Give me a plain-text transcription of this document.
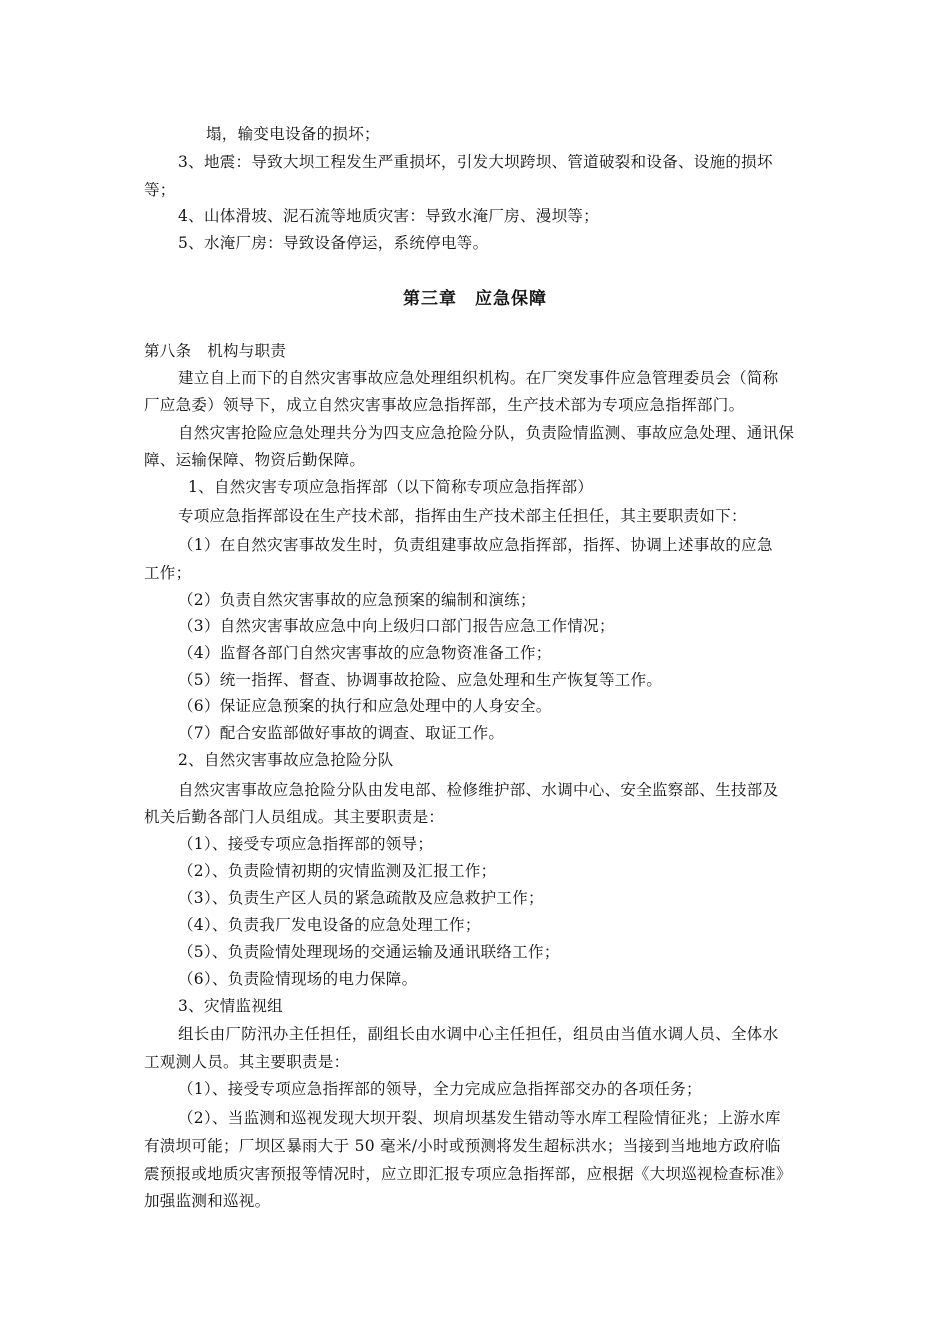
塌，输变电设备的损坏；
3、地震：导致大坝工程发生严重损坏，引发大坝跨坝、管道破裂和设备、设施的损坏
等；
4、山体滑坡、泥石流等地质灾害：导致水淹厂房、漫坝等；
5、水淹厂房：导致设备停运，系统停电等。
第三章　应急保障
第八条　机构与职责
建立自上而下的自然灾害事故应急处理组织机构。在厂突发事件应急管理委员会（简称
厂应急委）领导下，成立自然灾害事故应急指挥部，生产技术部为专项应急指挥部门。
自然灾害抢险应急处理共分为四支应急抢险分队，负责险情监测、事故应急处理、通讯保
障、运输保障、物资后勤保障。
1、自然灾害专项应急指挥部（以下简称专项应急指挥部）
专项应急指挥部设在生产技术部，指挥由生产技术部主任担任，其主要职责如下：
（1）在自然灾害事故发生时，负责组建事故应急指挥部，指挥、协调上述事故的应急
工作；
（2）负责自然灾害事故的应急预案的编制和演练；
（3）自然灾害事故应急中向上级归口部门报告应急工作情况；
（4）监督各部门自然灾害事故的应急物资准备工作；
（5）统一指挥、督查、协调事故抢险、应急处理和生产恢复等工作。
（6）保证应急预案的执行和应急处理中的人身安全。
（7）配合安监部做好事故的调查、取证工作。
2、自然灾害事故应急抢险分队
自然灾害事故应急抢险分队由发电部、检修维护部、水调中心、安全监察部、生技部及
机关后勤各部门人员组成。其主要职责是：
（1）、接受专项应急指挥部的领导；
（2）、负责险情初期的灾情监测及汇报工作；
（3）、负责生产区人员的紧急疏散及应急救护工作；
（4）、负责我厂发电设备的应急处理工作；
（5）、负责险情处理现场的交通运输及通讯联络工作；
（6）、负责险情现场的电力保障。
3、灾情监视组
组长由厂防汛办主任担任，副组长由水调中心主任担任，组员由当值水调人员、全体水
工观测人员。其主要职责是：
（1）、接受专项应急指挥部的领导，全力完成应急指挥部交办的各项任务；
（2）、当监测和巡视发现大坝开裂、坝肩坝基发生错动等水库工程险情征兆；上游水库
有溃坝可能；厂坝区暴雨大于 50 毫米/小时或预测将发生超标洪水；当接到当地地方政府临
震预报或地质灾害预报等情况时，应立即汇报专项应急指挥部，应根据《大坝巡视检查标准》
加强监测和巡视。
